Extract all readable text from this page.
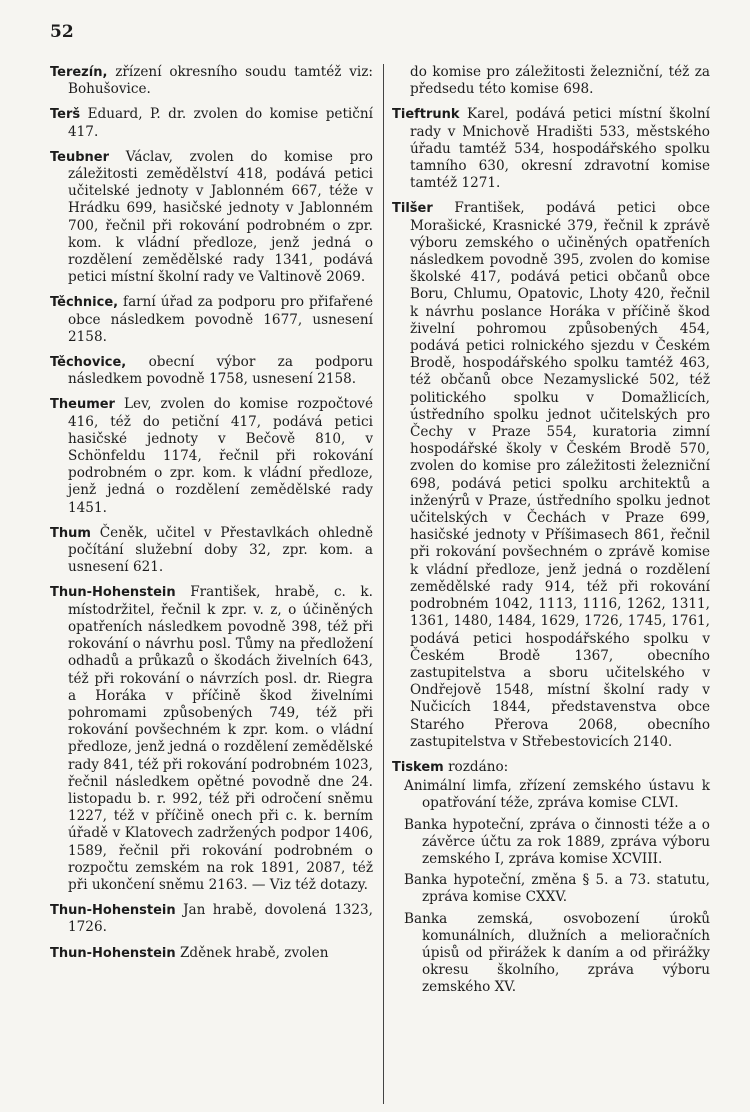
52

Terezín, zřízení okresního soudu tamtéž viz: Bohušovice.

Terš Eduard, P. dr. zvolen do komise petiční 417.

Teubner Václav, zvolen do komise pro záležitosti zemědělství 418, podává petici učitelské jednoty v Jablonném 667, téže v Hrádku 699, hasičské jednoty v Jablonném 700, řečnil při rokování podrobném o zpr. kom. k vládní předloze, jenž jedná o rozdělení zemědělské rady 1341, podává petici místní školní rady ve Valtinově 2069.

Těchnice, farní úřad za podporu pro přifařené obce následkem povodně 1677, usnesení 2158.

Těchovice, obecní výbor za podporu následkem povodně 1758, usnesení 2158.

Theumer Lev, zvolen do komise rozpočtové 416, též do petiční 417, podává petici hasičské jednoty v Bečově 810, v Schönfeldu 1174, řečnil při rokování podrobném o zpr. kom. k vládní předloze, jenž jedná o rozdělení zemědělské rady 1451.

Thum Čeněk, učitel v Přestavlkách ohledně počítání služební doby 32, zpr. kom. a usnesení 621.

Thun-Hohenstein František, hrabě, c. k. místodržitel, řečnil k zpr. v. z, o účiněných opatřeních následkem povodně 398, též při rokování o návrhu posl. Tůmy na předložení odhadů a průkazů o škodách živelních 643, též při rokování o návrzích posl. dr. Riegra a Horáka v příčině škod živelními pohromami způsobených 749, též při rokování povšechném k zpr. kom. o vládní předloze, jenž jedná o rozdělení zemědělské rady 841, též při rokování podrobném 1023, řečnil následkem opětné povodně dne 24. listopadu b. r. 992, též při odročení sněmu 1227, též v příčině onech při c. k. berním úřadě v Klatovech zadržených podpor 1406, 1589, řečnil při rokování podrobném o rozpočtu zemském na rok 1891, 2087, též při ukončení sněmu 2163. — Viz též dotazy.

Thun-Hohenstein Jan hrabě, dovolená 1323, 1726.

Thun-Hohenstein Zděnek hrabě, zvolen

do komise pro záležitosti železniční, též za předsedu této komise 698.

Tieftrunk Karel, podává petici místní školní rady v Mnichově Hradišti 533, městského úřadu tamtéž 534, hospodářského spolku tamního 630, okresní zdravotní komise tamtéž 1271.

Tilšer František, podává petici obce Morašické, Krasnické 379, řečnil k zprávě výboru zemského o učiněných opatřeních následkem povodně 395, zvolen do komise školské 417, podává petici občanů obce Boru, Chlumu, Opatovic, Lhoty 420, řečnil k návrhu poslance Horáka v příčině škod živelní pohromou způsobených 454, podává petici rolnického sjezdu v Českém Brodě, hospodářského spolku tamtéž 463, též občanů obce Nezamyslické 502, též politického spolku v Domažlicích, ústředního spolku jednot učitelských pro Čechy v Praze 554, kuratoria zimní hospodářské školy v Českém Brodě 570, zvolen do komise pro záležitosti železniční 698, podává petici spolku architektů a inženýrů v Praze, ústředního spolku jednot učitelských v Čechách v Praze 699, hasičské jednoty v Příšimasech 861, řečnil při rokování povšechném o zprávě komise k vládní předloze, jenž jedná o rozdělení zemědělské rady 914, též při rokování podrobném 1042, 1113, 1116, 1262, 1311, 1361, 1480, 1484, 1629, 1726, 1745, 1761, podává petici hospodářského spolku v Českém Brodě 1367, obecního zastupitelstva a sboru učitelského v Ondřejově 1548, místní školní rady v Nučicích 1844, představenstva obce Starého Přerova 2068, obecního zastupitelstva v Střebestovicích 2140.

Tiskem rozdáno:

Animální limfa, zřízení zemského ústavu k opatřování téže, zpráva komise CLVI.

Banka hypoteční, zpráva o činnosti téže a o závěrce účtu za rok 1889, zpráva výboru zemského I, zpráva komise XCVIII.

Banka hypoteční, změna § 5. a 73. statutu, zpráva komise CXXV.

Banka zemská, osvobození úroků komunálních, dlužních a melioračních úpisů od přirážek k daním a od přirážky okresu školního, zpráva výboru zemského XV.
